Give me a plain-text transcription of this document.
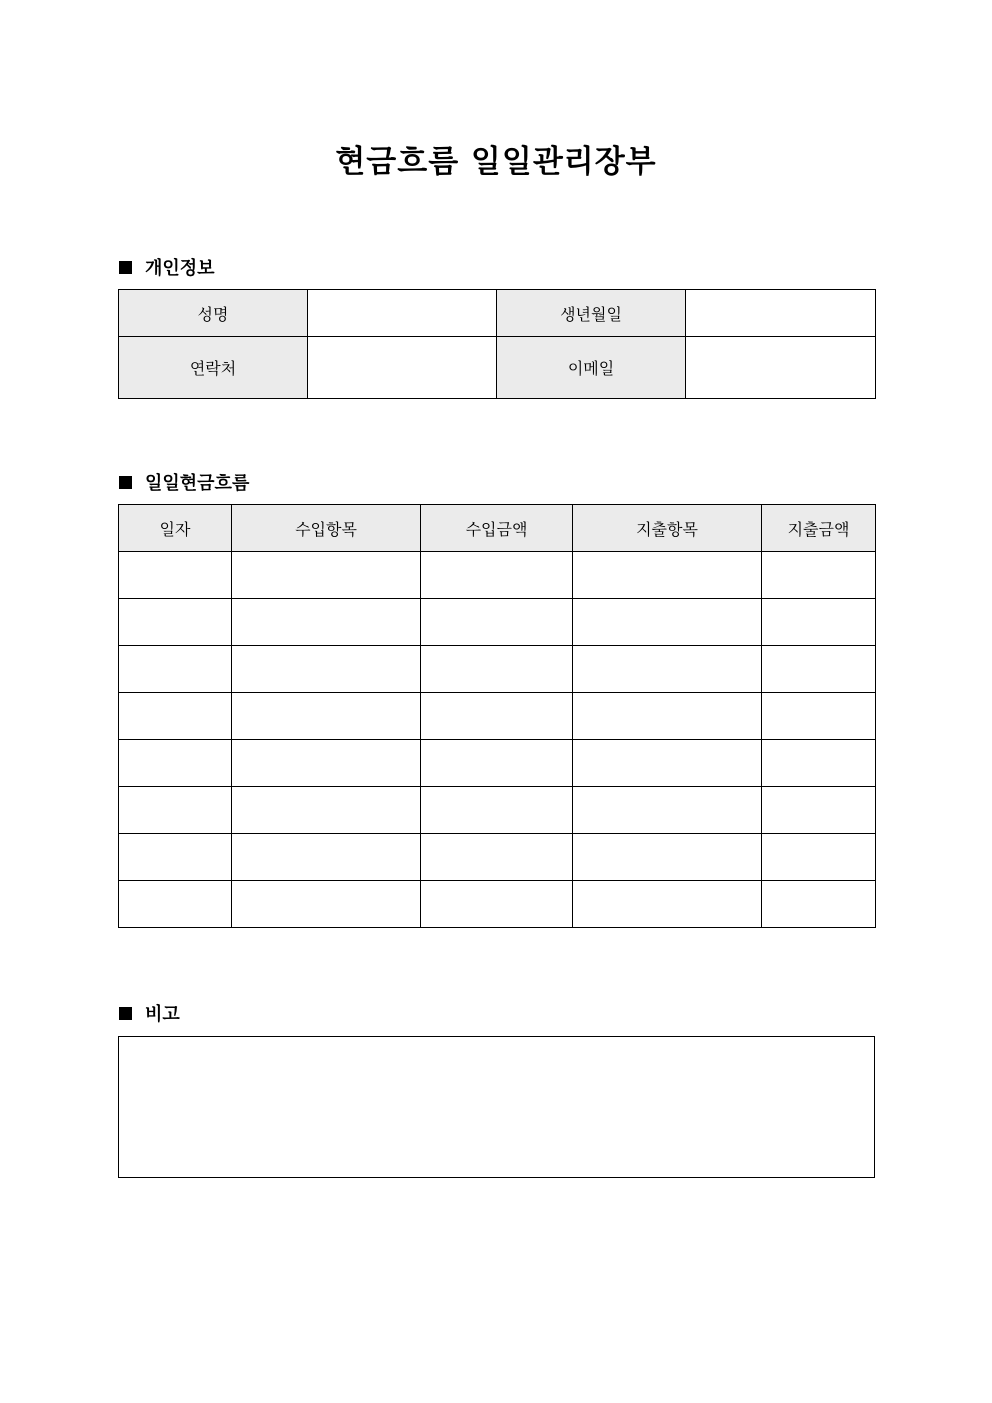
현금흐름 일일관리장부
개인정보
성명		생년월일	
연락처		이메일	
일일현금흐름
일자	수입항목	수입금액	지출항목	지출금액

비고
